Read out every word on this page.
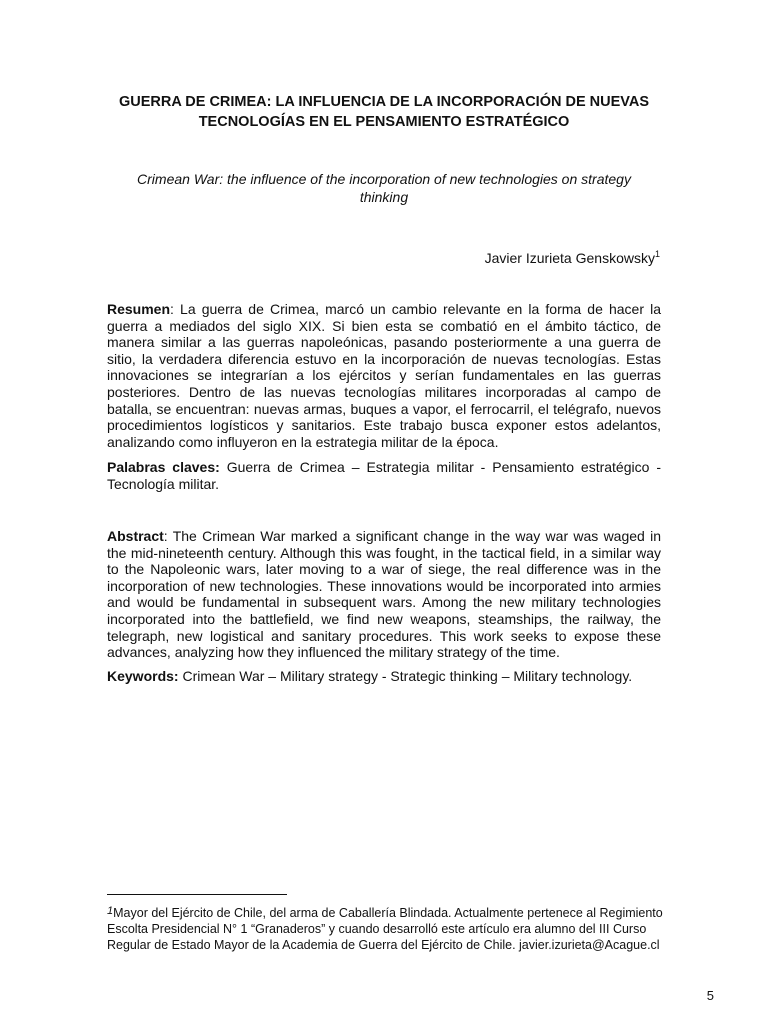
GUERRA DE CRIMEA: LA INFLUENCIA DE LA INCORPORACIÓN DE NUEVAS
TECNOLOGÍAS EN EL PENSAMIENTO ESTRATÉGICO
Crimean War: the influence of the incorporation of new technologies on strategy
thinking
Javier Izurieta Genskowsky$^1$
Resumen: La guerra de Crimea, marcó un cambio relevante en la forma de hacer la guerra a mediados del siglo XIX. Si bien esta se combatió en el ámbito táctico, de manera similar a las guerras napoleónicas, pasando posteriormente a una guerra de sitio, la verdadera diferencia estuvo en la incorporación de nuevas tecnologías. Estas innovaciones se integrarían a los ejércitos y serían fundamentales en las guerras posteriores. Dentro de las nuevas tecnologías militares incorporadas al campo de batalla, se encuentran: nuevas armas, buques a vapor, el ferrocarril, el telégrafo, nuevos procedimientos logísticos y sanitarios. Este trabajo busca exponer estos adelantos, analizando como influyeron en la estrategia militar de la época.
Palabras claves: Guerra de Crimea – Estrategia militar - Pensamiento estratégico - Tecnología militar.
Abstract: The Crimean War marked a significant change in the way war was waged in the mid-nineteenth century. Although this was fought, in the tactical field, in a similar way to the Napoleonic wars, later moving to a war of siege, the real difference was in the incorporation of new technologies. These innovations would be incorporated into armies and would be fundamental in subsequent wars. Among the new military technologies incorporated into the battlefield, we find new weapons, steamships, the railway, the telegraph, new logistical and sanitary procedures. This work seeks to expose these advances, analyzing how they influenced the military strategy of the time.
Keywords: Crimean War – Military strategy - Strategic thinking – Military technology.
1Mayor del Ejército de Chile, del arma de Caballería Blindada. Actualmente pertenece al Regimiento
Escolta Presidencial N° 1 “Granaderos” y cuando desarrolló este artículo era alumno del III Curso
Regular de Estado Mayor de la Academia de Guerra del Ejército de Chile. javier.izurieta@Acague.cl
5
